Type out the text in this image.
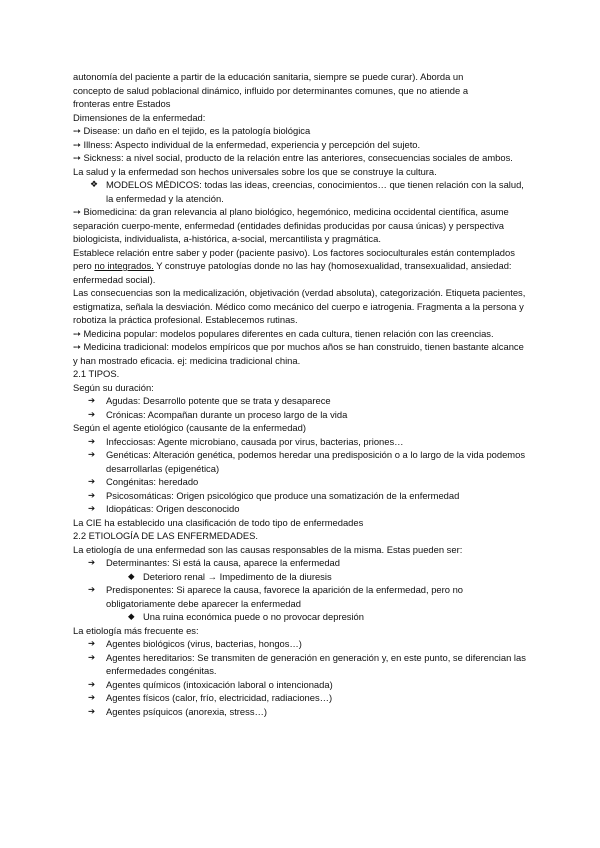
autonomía del paciente a partir de la educación sanitaria, siempre se puede curar). Aborda un

concepto de salud poblacional dinámico, influido por determinantes comunes, que no atiende a

fronteras entre Estados

Dimensiones de la enfermedad:

➙ Disease: un daño en el tejido, es la patología biológica

➙ Illness: Aspecto individual de la enfermedad, experiencia y percepción del sujeto.

➙ Sickness: a nivel social, producto de la relación entre las anteriores, consecuencias sociales de ambos.

La salud y la enfermedad son hechos universales sobre los que se construye la cultura.

❖ MODELOS MÉDICOS: todas las ideas, creencias, conocimientos… que tienen relación con la salud, la enfermedad y la atención.

➙ Biomedicina: da gran relevancia al plano biológico, hegemónico, medicina occidental científica, asume separación cuerpo-mente, enfermedad (entidades definidas producidas por causa únicas) y perspectiva biologicista, individualista, a-histórica, a-social, mercantilista y pragmática.

Establece relación entre saber y poder (paciente pasivo). Los factores socioculturales están contemplados pero no integrados. Y construye patologías donde no las hay (homosexualidad, transexualidad, ansiedad: enfermedad social).

Las consecuencias son la medicalización, objetivación (verdad absoluta), categorización. Etiqueta pacientes, estigmatiza, señala la desviación. Médico como mecánico del cuerpo e iatrogenia. Fragmenta a la persona y robotiza la práctica profesional. Establecemos rutinas.

➙ Medicina popular: modelos populares diferentes en cada cultura, tienen relación con las creencias.

➙ Medicina tradicional: modelos empíricos que por muchos años se han construido, tienen bastante alcance y han mostrado eficacia. ej: medicina tradicional china.

2.1 TIPOS.

Según su duración:

➔ Agudas: Desarrollo potente que se trata y desaparece
➔ Crónicas: Acompañan durante un proceso largo de la vida

Según el agente etiológico (causante de la enfermedad)

➔ Infecciosas: Agente microbiano, causada por virus, bacterias, priones…
➔ Genéticas: Alteración genética, podemos heredar una predisposición o a lo largo de la vida podemos desarrollarlas (epigenética)
➔ Congénitas: heredado
➔ Psicosomáticas: Origen psicológico que produce una somatización de la enfermedad
➔ Idiopáticas: Origen desconocido

La CIE ha establecido una clasificación de todo tipo de enfermedades

2.2 ETIOLOGÍA DE LAS ENFERMEDADES.

La etiología de una enfermedad son las causas responsables de la misma. Estas pueden ser:

➔ Determinantes: Si está la causa, aparece la enfermedad
◆ Deterioro renal → Impedimento de la diuresis
➔ Predisponentes: Si aparece la causa, favorece la aparición de la enfermedad, pero no obligatoriamente debe aparecer la enfermedad
◆ Una ruina económica puede o no provocar depresión

La etiología más frecuente es:

➔ Agentes biológicos (virus, bacterias, hongos…)
➔ Agentes hereditarios: Se transmiten de generación en generación y, en este punto, se diferencian las enfermedades congénitas.
➔ Agentes químicos (intoxicación laboral o intencionada)
➔ Agentes físicos (calor, frío, electricidad, radiaciones…)
➔ Agentes psíquicos (anorexia, stress…)
